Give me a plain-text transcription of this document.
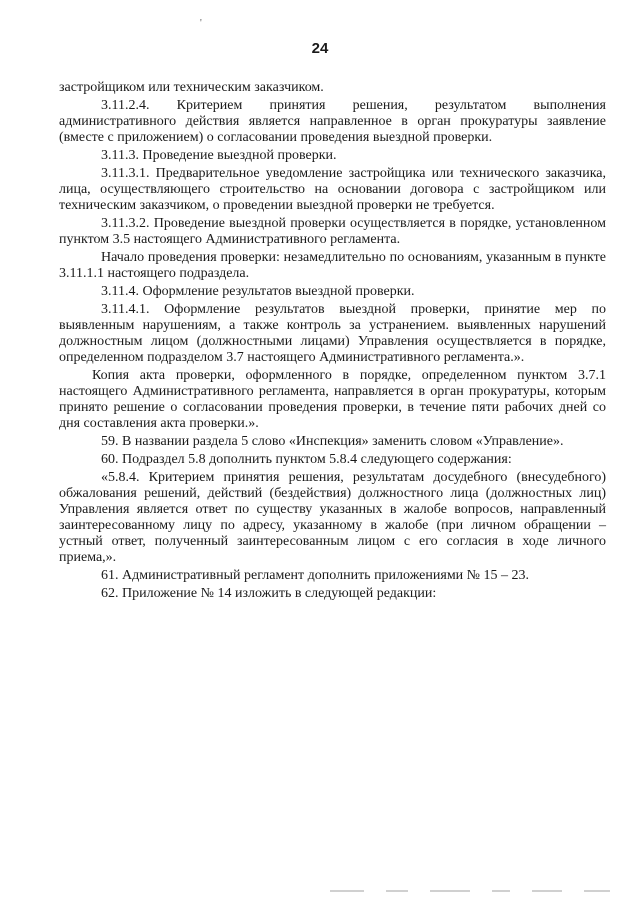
'
24

застройщиком или техническим заказчиком.

3.11.2.4. Критерием принятия решения, результатом выполнения административного действия является направленное в орган прокуратуры заявление (вместе с приложением) о согласовании проведения выездной проверки.

3.11.3. Проведение выездной проверки.

3.11.3.1. Предварительное уведомление застройщика или технического заказчика, лица, осуществляющего строительство на основании договора с застройщиком или техническим заказчиком, о проведении выездной проверки не требуется.

3.11.3.2. Проведение выездной проверки осуществляется в порядке, установленном пунктом 3.5 настоящего Административного регламента.

Начало проведения проверки: незамедлительно по основаниям, указанным в пункте 3.11.1.1 настоящего подраздела.

3.11.4. Оформление результатов выездной проверки.

3.11.4.1. Оформление результатов выездной проверки, принятие мер по выявленным нарушениям, а также контроль за устранением. выявленных нарушений должностным лицом (должностными лицами) Управления осуществляется в порядке, определенном подразделом 3.7 настоящего Административного регламента.».

Копия акта проверки, оформленного в порядке, определенном пунктом 3.7.1 настоящего Административного регламента, направляется в орган прокуратуры, которым принято решение о согласовании проведения проверки, в течение пяти рабочих дней со дня составления акта проверки.».

59. В названии раздела 5 слово «Инспекция» заменить словом «Управление».

60. Подраздел 5.8 дополнить пунктом 5.8.4 следующего содержания:

«5.8.4. Критерием принятия решения, результатам досудебного (внесудебного) обжалования решений, действий (бездействия) должностного лица (должностных лиц) Управления является ответ по существу указанных в жалобе вопросов, направленный заинтересованному лицу по адресу, указанному в жалобе (при личном обращении – устный ответ, полученный заинтересованным лицом с его согласия в ходе личного приема,».

61. Административный регламент дополнить приложениями № 15 – 23.

62. Приложение № 14 изложить в следующей редакции:
